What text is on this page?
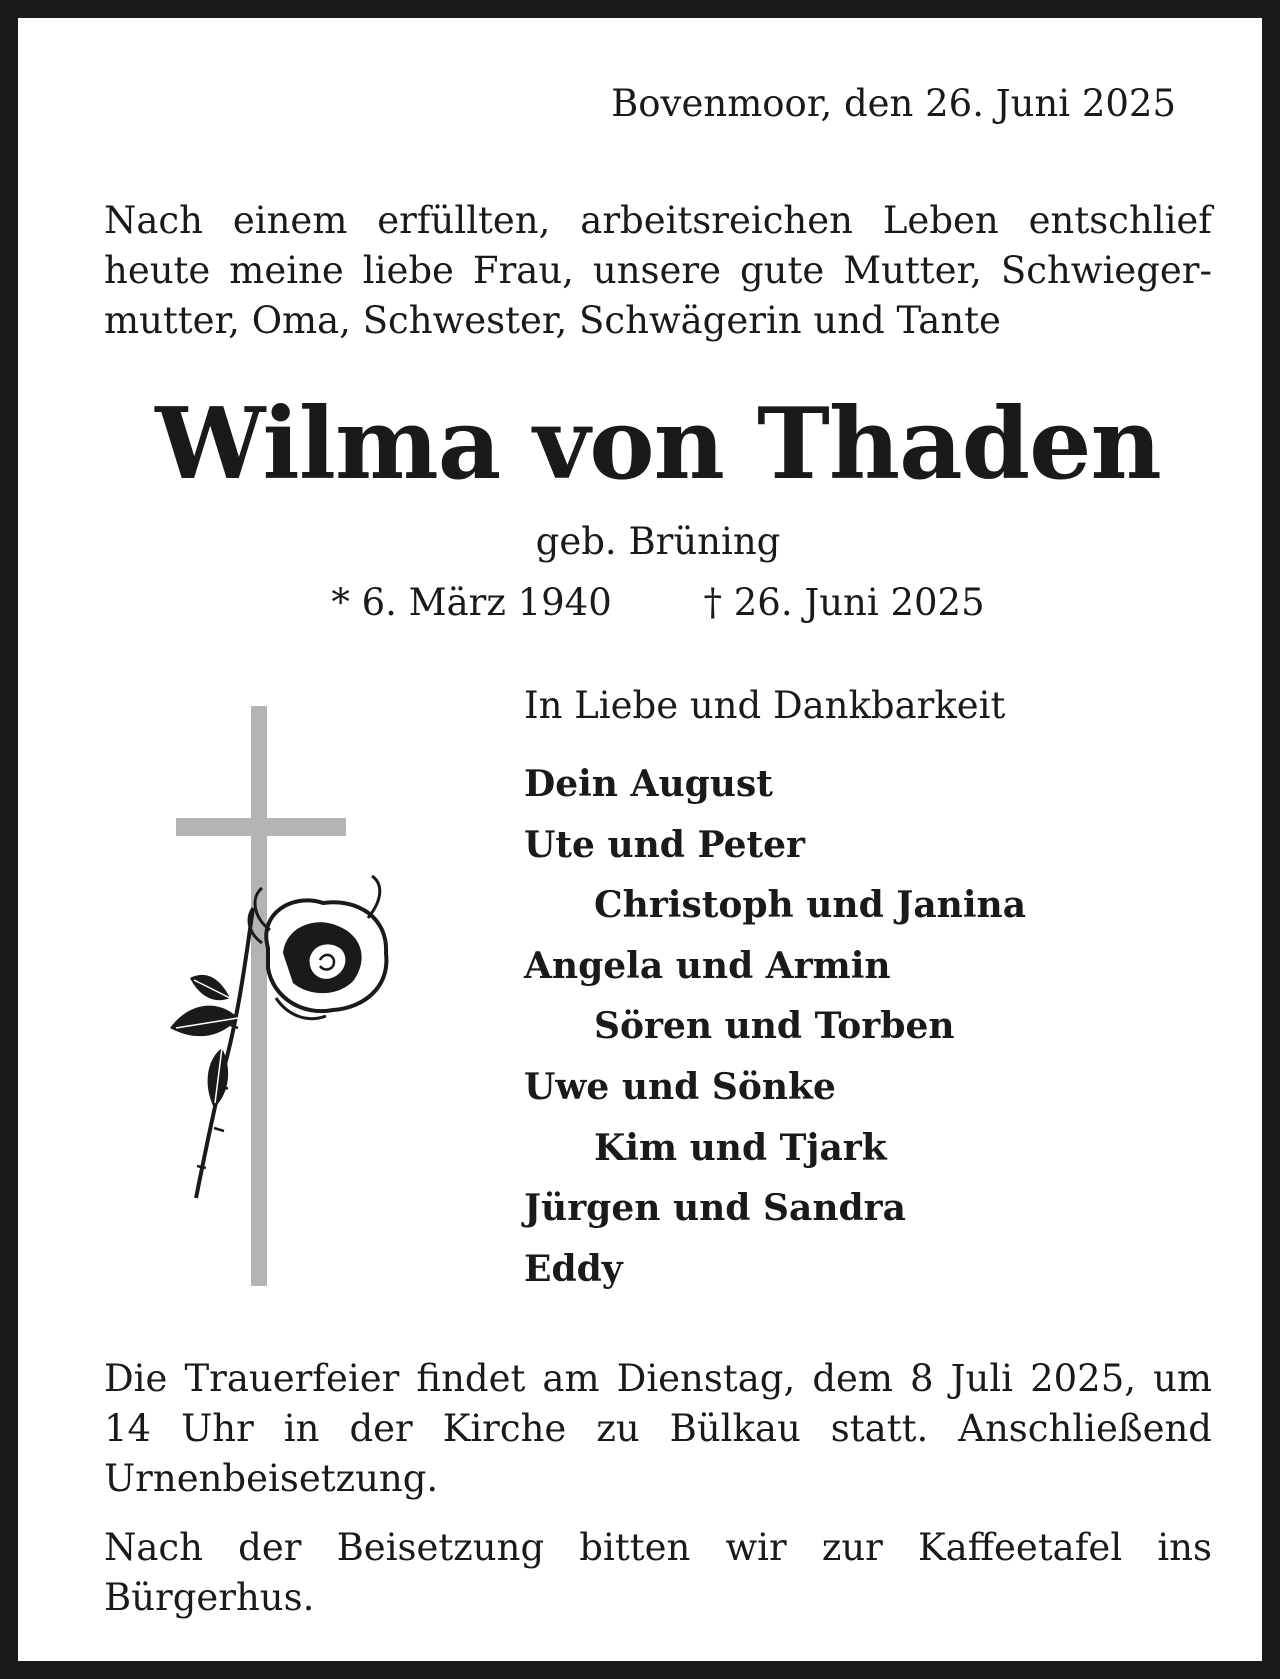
Bovenmoor, den 26. Juni 2025
Nach einem erfüllten, arbeitsreichen Leben entschlief heute meine liebe Frau, unsere gute Mutter, Schwiegermutter, Oma, Schwester, Schwägerin und Tante
Wilma von Thaden
geb. Brüning
* 6. März 1940 † 26. Juni 2025
In Liebe und Dankbarkeit
Dein August
Ute und Peter
Christoph und Janina
Angela und Armin
Sören und Torben
Uwe und Sönke
Kim und Tjark
Jürgen und Sandra
Eddy
Die Trauerfeier findet am Dienstag, dem 8 Juli 2025, um 14 Uhr in der Kirche zu Bülkau statt. Anschließend Urnenbeisetzung.
Nach der Beisetzung bitten wir zur Kaffeetafel ins Bürgerhus.
